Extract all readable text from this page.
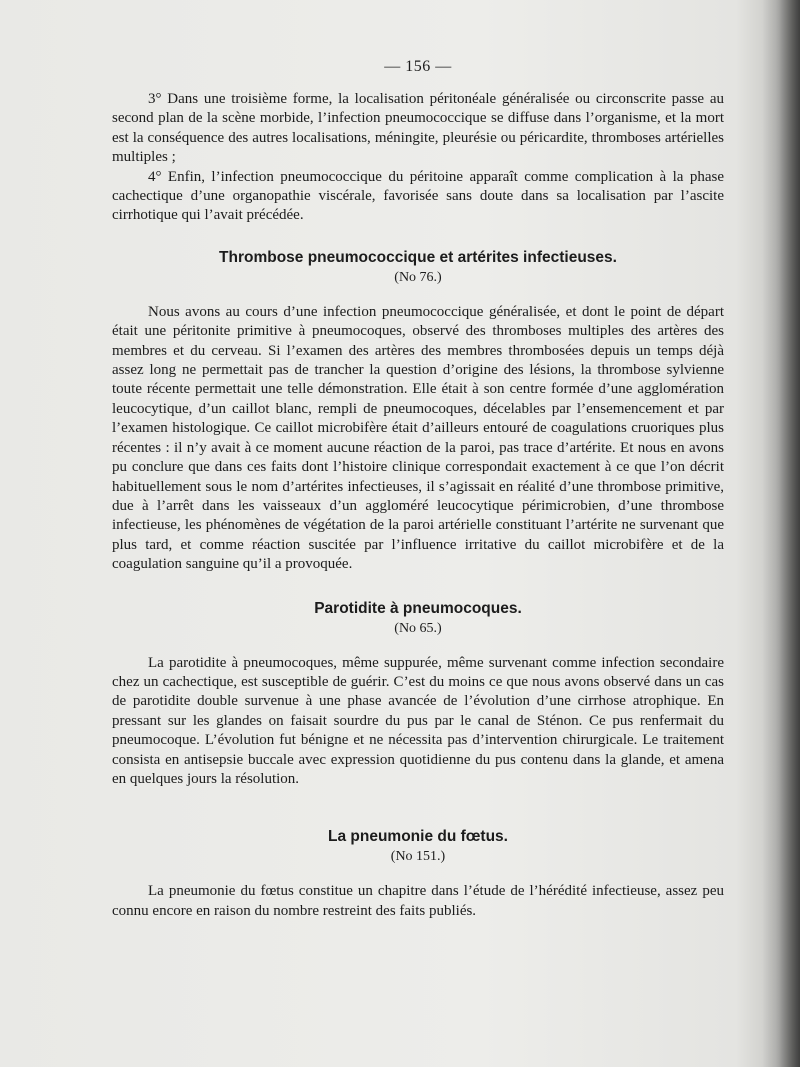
— 156 —

3° Dans une troisième forme, la localisation péritonéale généralisée ou circonscrite passe au second plan de la scène morbide, l’infection pneumococcique se diffuse dans l’organisme, et la mort est la conséquence des autres localisations, méningite, pleurésie ou péricardite, thromboses artérielles multiples ;

4° Enfin, l’infection pneumococcique du péritoine apparaît comme complication à la phase cachectique d’une organopathie viscérale, favorisée sans doute dans sa localisation par l’ascite cirrhotique qui l’avait précédée.

Thrombose pneumococcique et artérites infectieuses.
(No 76.)

Nous avons au cours d’une infection pneumococcique généralisée, et dont le point de départ était une péritonite primitive à pneumocoques, observé des thromboses multiples des artères des membres et du cerveau. Si l’examen des artères des membres thrombosées depuis un temps déjà assez long ne permettait pas de trancher la question d’origine des lésions, la thrombose sylvienne toute récente permettait une telle démonstration. Elle était à son centre formée d’une agglomération leucocytique, d’un caillot blanc, rempli de pneumocoques, décelables par l’ensemencement et par l’examen histologique. Ce caillot microbifère était d’ailleurs entouré de coagulations cruoriques plus récentes : il n’y avait à ce moment aucune réaction de la paroi, pas trace d’artérite. Et nous en avons pu conclure que dans ces faits dont l’histoire clinique correspondait exactement à ce que l’on décrit habituellement sous le nom d’artérites infectieuses, il s’agissait en réalité d’une thrombose primitive, due à l’arrêt dans les vaisseaux d’un aggloméré leucocytique périmicrobien, d’une thrombose infectieuse, les phénomènes de végétation de la paroi artérielle constituant l’artérite ne survenant que plus tard, et comme réaction suscitée par l’influence irritative du caillot microbifère et de la coagulation sanguine qu’il a provoquée.

Parotidite à pneumocoques.
(No 65.)

La parotidite à pneumocoques, même suppurée, même survenant comme infection secondaire chez un cachectique, est susceptible de guérir. C’est du moins ce que nous avons observé dans un cas de parotidite double survenue à une phase avancée de l’évolution d’une cirrhose atrophique. En pressant sur les glandes on faisait sourdre du pus par le canal de Sténon. Ce pus renfermait du pneumocoque. L’évolution fut bénigne et ne nécessita pas d’intervention chirurgicale. Le traitement consista en antisepsie buccale avec expression quotidienne du pus contenu dans la glande, et amena en quelques jours la résolution.

La pneumonie du fœtus.
(No 151.)

La pneumonie du fœtus constitue un chapitre dans l’étude de l’hérédité infectieuse, assez peu connu encore en raison du nombre restreint des faits publiés.
